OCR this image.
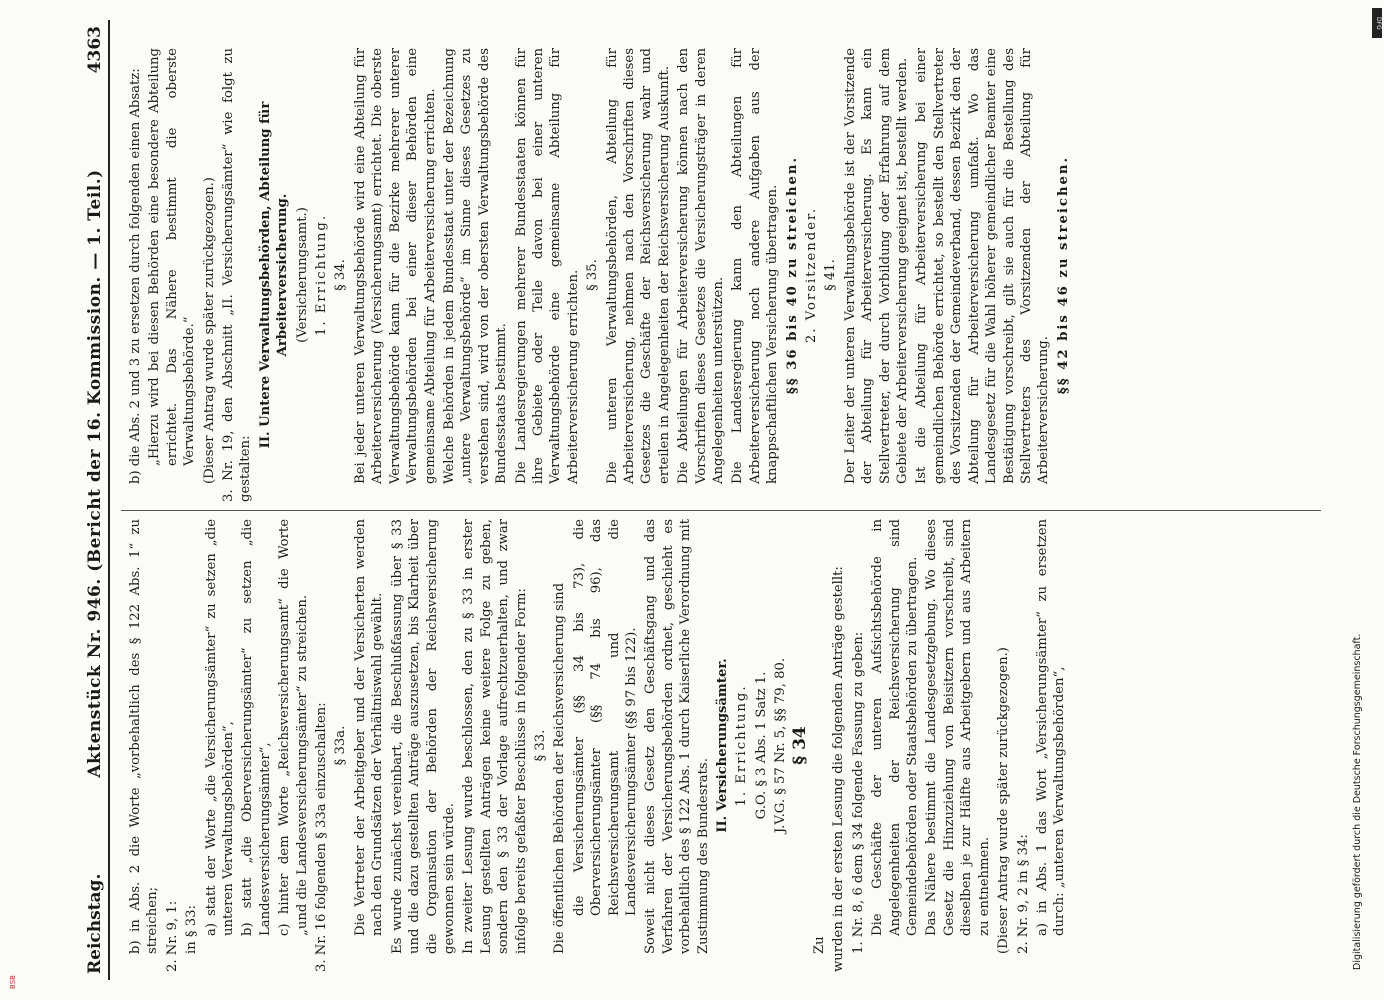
Reichstag.
Aktenstück Nr. 946. (Bericht der 16. Kommission. — 1. Teil.)
4363

b) in Abs. 2 die Worte „vorbehaltlich des § 122 Abs. 1“ zu streichen; 2. Nr. 9, 1: in § 33: a) statt der Worte „die Versicherungsämter“ zu setzen „die unteren Verwaltungsbehörden“, b) statt „die Oberversicherungsämter“ zu setzen „die Landesversicherungsämter“, c) hinter dem Worte „Reichsversicherungsamt“ die Worte „und die Landesversicherungsämter“ zu streichen. 3. Nr. 16 folgenden § 33a einzuschalten: § 33a. Die Vertreter der Arbeitgeber und der Versicherten werden nach den Grundsätzen der Verhältniswahl gewählt. Es wurde zunächst vereinbart, die Beschlußfassung über § 33 und die dazu gestellten Anträge auszusetzen, bis Klarheit über die Organisation der Behörden der Reichsversicherung gewonnen sein würde. In zweiter Lesung wurde beschlossen, den zu § 33 in erster Lesung gestellten Anträgen keine weitere Folge zu geben, sondern den § 33 der Vorlage aufrechtzuerhalten, und zwar infolge bereits gefaßter Beschlüsse in folgender Form: § 33. Die öffentlichen Behörden der Reichsversicherung sind die Versicherungsämter (§§ 34 bis 73), die Oberversicherungsämter (§§ 74 bis 96), das Reichsversicherungsamt und die Landesversicherungsämter (§§ 97 bis 122). Soweit nicht dieses Gesetz den Geschäftsgang und das Verfahren der Versicherungsbehörden ordnet, geschieht es vorbehaltlich des § 122 Abs. 1 durch Kaiserliche Verordnung mit Zustimmung des Bundesrats.

II. Versicherungsämter. 1. Errichtung. G.O. § 3 Abs. 1 Satz 1. J.V.G. § 57 Nr. 5, §§ 79, 80. § 34

Zu wurden in der ersten Lesung die folgenden Anträge gestellt: 1. Nr. 8, 6 dem § 34 folgende Fassung zu geben: Die Geschäfte der unteren Aufsichtsbehörde in Angelegenheiten der Reichsversicherung sind Gemeindebehörden oder Staatsbehörden zu übertragen. Das Nähere bestimmt die Landesgesetzgebung. Wo dieses Gesetz die Hinzuziehung von Beisitzern vorschreibt, sind dieselben je zur Hälfte aus Arbeitgebern und aus Arbeitern zu entnehmen. (Dieser Antrag wurde später zurückgezogen.) 2. Nr. 9, 2 in § 34: a) in Abs. 1 das Wort „Versicherungsämter“ zu ersetzen durch: „unteren Verwaltungsbehörden“,

b) die Abs. 2 und 3 zu ersetzen durch folgenden einen Absatz: „Hierzu wird bei diesen Behörden eine besondere Abteilung errichtet. Das Nähere bestimmt die oberste Verwaltungsbehörde.“ (Dieser Antrag wurde später zurückgezogen.) 3. Nr. 19, den Abschnitt „II. Versicherungsämter“ wie folgt zu gestalten:

II. Untere Verwaltungsbehörden, Abteilung für Arbeiterversicherung. (Versicherungsamt.) 1. Errichtung. § 34. Bei jeder unteren Verwaltungsbehörde wird eine Abteilung für Arbeiterversicherung (Versicherungsamt) errichtet. Die oberste Verwaltungsbehörde kann für die Bezirke mehrerer unterer Verwaltungsbehörden bei einer dieser Behörden eine gemeinsame Abteilung für Arbeiterversicherung errichten. Welche Behörden in jedem Bundesstaat unter der Bezeichnung „untere Verwaltungsbehörde“ im Sinne dieses Gesetzes zu verstehen sind, wird von der obersten Verwaltungsbehörde des Bundesstaats bestimmt. Die Landesregierungen mehrerer Bundesstaaten können für ihre Gebiete oder Teile davon bei einer unteren Verwaltungsbehörde eine gemeinsame Abteilung für Arbeiterversicherung errichten. § 35. Die unteren Verwaltungsbehörden, Abteilung für Arbeiterversicherung, nehmen nach den Vorschriften dieses Gesetzes die Geschäfte der Reichsversicherung wahr und erteilen in Angelegenheiten der Reichsversicherung Auskunft. Die Abteilungen für Arbeiterversicherung können nach den Vorschriften dieses Gesetzes die Versicherungsträger in deren Angelegenheiten unterstützen. Die Landesregierung kann den Abteilungen für Arbeiterversicherung noch andere Aufgaben aus der knappschaftlichen Versicherung übertragen. §§ 36 bis 40 zu streichen. 2. Vorsitzender. § 41. Der Leiter der unteren Verwaltungsbehörde ist der Vorsitzende der Abteilung für Arbeiterversicherung. Es kann ein Stellvertreter, der durch Vorbildung oder Erfahrung auf dem Gebiete der Arbeiterversicherung geeignet ist, bestellt werden. Ist die Abteilung für Arbeiterversicherung bei einer gemeindlichen Behörde errichtet, so bestellt den Stellvertreter des Vorsitzenden der Gemeindeverband, dessen Bezirk den der Abteilung für Arbeiterversicherung umfaßt. Wo das Landesgesetz für die Wahl höherer gemeindlicher Beamter eine Bestätigung vorschreibt, gilt sie auch für die Bestellung des Stellvertreters des Vorsitzenden der Abteilung für Arbeiterversicherung.

§§ 42 bis 46 zu streichen.

Digitalisierung gefördert durch die Deutsche Forschungsgemeinschaft.
DFG
BSB
